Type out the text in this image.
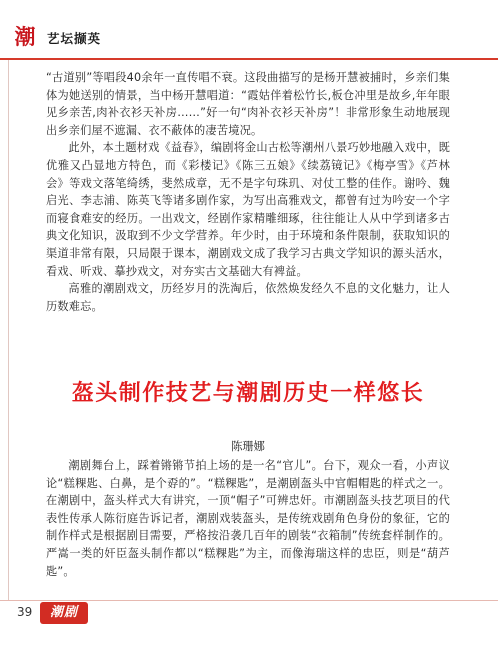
潮 艺坛撷英

“古道别”等唱段40余年一直传唱不衰。这段曲描写的是杨开慧被捕时，乡亲们集体为她送别的情景，当中杨开慧唱道：“霞姑伴着松竹长,板仓冲里是故乡,年年眼见乡亲苦,肉补衣衫天补房……”好一句“肉补衣衫天补房”！非常形象生动地展现出乡亲们屋不遮漏、衣不蔽体的凄苦境况。

此外，本土题材戏《益春》，编剧将金山古松等潮州八景巧妙地融入戏中，既优雅又凸显地方特色，而《彩楼记》《陈三五娘》《续荔镜记》《梅亭雪》《芦林会》等戏文落笔绮绣，斐然成章，无不是字句珠玑、对仗工整的佳作。谢吟、魏启光、李志浦、陈英飞等诸多剧作家，为写出高雅戏文，都曾有过为吟安一个字而寝食难安的经历。一出戏文，经剧作家精雕细琢，往往能让人从中学到诸多古典文化知识，汲取到不少文学营养。年少时，由于环境和条件限制，获取知识的渠道非常有限，只局限于课本，潮剧戏文成了我学习古典文学知识的源头活水，看戏、听戏、摹抄戏文，对夯实古文基础大有裨益。

高雅的潮剧戏文，历经岁月的洗淘后，依然焕发经久不息的文化魅力，让人历数难忘。

盔头制作技艺与潮剧历史一样悠长
陈珊娜

潮剧舞台上，踩着锵锵节拍上场的是一名“官儿”。台下，观众一看，小声议论“糕粿匙、白鼻，是个孬的”。“糕粿匙”，是潮剧盔头中官帽帽匙的样式之一。在潮剧中，盔头样式大有讲究，一顶“帽子”可辨忠奸。市潮剧盔头技艺项目的代表性传承人陈衍庭告诉记者，潮剧戏装盔头，是传统戏剧角色身份的象征，它的制作样式是根据剧目需要，严格按沿袭几百年的剧装“衣箱制”传统套样制作的。严嵩一类的奸臣盔头制作都以“糕粿匙”为主，而像海瑞这样的忠臣，则是“葫芦匙”。

39	潮剧
